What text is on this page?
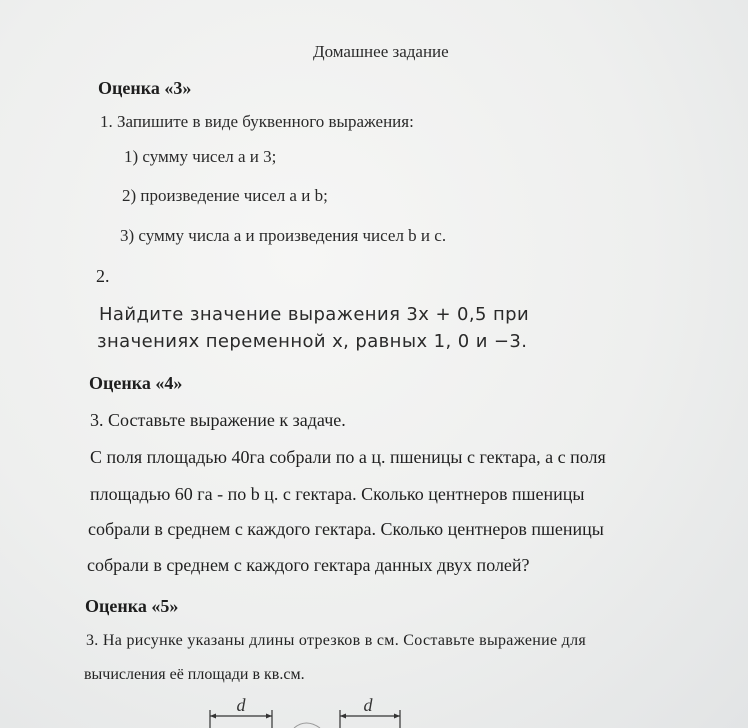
Домашнее задание
Оценка «3»
1. Запишите в виде буквенного выражения:
1) сумму чисел a и 3;
2) произведение чисел a и b;
3) сумму числа a и произведения чисел b и c.
2.
Найдите значение выражения 3x + 0,5 при
значениях переменной x, равных 1, 0 и −3.
Оценка «4»
3. Составьте выражение к задаче.
С поля площадью 40га собрали по a ц. пшеницы с гектара, а с поля
площадью 60 га - по b ц. с гектара. Сколько центнеров пшеницы
собрали в среднем с каждого гектара. Сколько центнеров пшеницы
собрали в среднем с каждого гектара данных двух полей?
Оценка «5»
3. На рисунке указаны длины отрезков в см. Составьте выражение для
вычисления её площади в кв.см.
d	d
